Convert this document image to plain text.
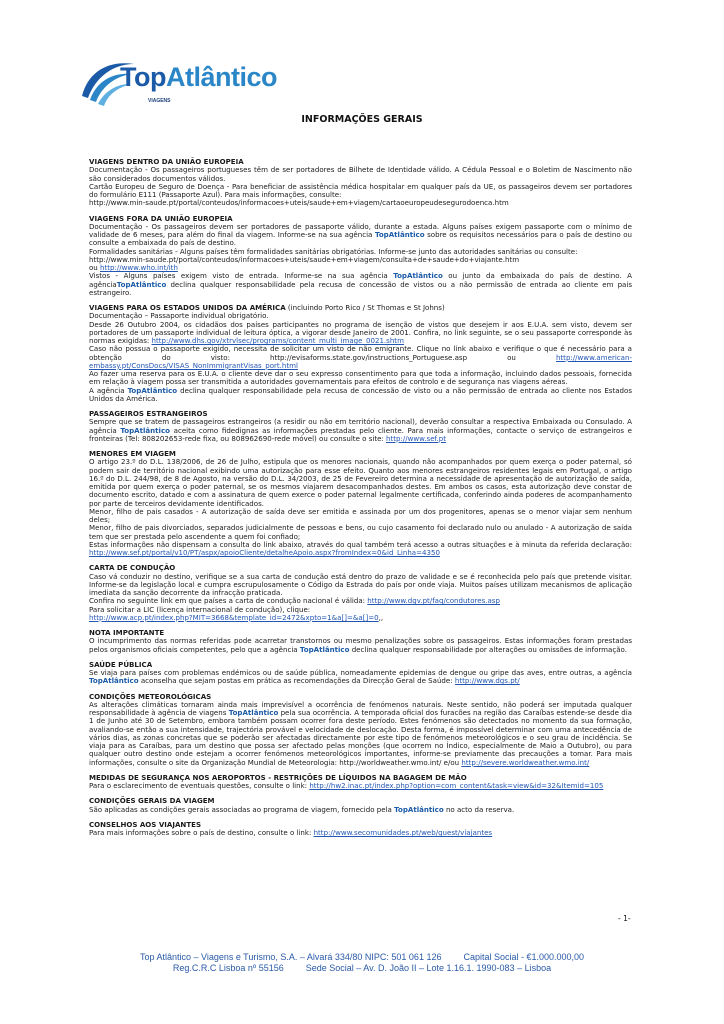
TopAtlântico
VIAGENS
INFORMAÇÕES GERAIS

VIAGENS DENTRO DA UNIÃO EUROPEIA

Documentação - Os passageiros portugueses têm de ser portadores de Bilhete de Identidade válido. A Cédula Pessoal e o Boletim de Nascimento não são considerados documentos válidos.

Cartão Europeu de Seguro de Doença - Para beneficiar de assistência médica hospitalar em qualquer país da UE, os passageiros devem ser portadores do formulário E111 (Passaporte Azul). Para mais informações, consulte:

http://www.min-saude.pt/portal/conteudos/informacoes+uteis/saude+em+viagem/cartaoeuropeudesegurodoenca.htm

VIAGENS FORA DA UNIÃO EUROPEIA

Documentação - Os passageiros devem ser portadores de passaporte válido, durante a estada. Alguns países exigem passaporte com o mínimo de validade de 6 meses, para além do final da viagem. Informe-se na sua agência TopAtlântico sobre os requisitos necessários para o país de destino ou consulte a embaixada do país de destino.

Formalidades sanitárias - Alguns países têm formalidades sanitárias obrigatórias. Informe-se junto das autoridades sanitárias ou consulte:

http://www.min-saude.pt/portal/conteudos/informacoes+uteis/saude+em+viagem/consulta+de+saude+do+viajante.htm

ou http://www.who.int/ith

Vistos - Alguns países exigem visto de entrada. Informe-se na sua agência TopAtlântico ou junto da embaixada do país de destino. A agênciaTopAtlântico declina qualquer responsabilidade pela recusa de concessão de vistos ou a não permissão de entrada ao cliente em país estrangeiro.

VIAGENS PARA OS ESTADOS UNIDOS DA AMÉRICA (incluindo Porto Rico / St Thomas e St Johns)

Documentação – Passaporte individual obrigatório.

Desde 26 Outubro 2004, os cidadãos dos países participantes no programa de isenção de vistos que desejem ir aos E.U.A. sem visto, devem ser portadores de um passaporte individual de leitura óptica, a vigorar desde Janeiro de 2001. Confira, no link seguinte, se o seu passaporte corresponde às normas exigidas: http://www.dhs.gov/xtrvlsec/programs/content_multi_image_0021.shtm

Caso não possua o passaporte exigido, necessita de solicitar um visto de não emigrante. Clique no link abaixo e verifique o que é necessário para a obtenção do visto: http://evisaforms.state.gov/instructions_Portuguese.asp ou http://www.american-embassy.pt/ConsDocs/VISAS_NonImmigrantVisas_port.html

Ao fazer uma reserva para os E.U.A. o cliente deve dar o seu expresso consentimento para que toda a informação, incluindo dados pessoais, fornecida em relação à viagem possa ser transmitida a autoridades governamentais para efeitos de controlo e de segurança nas viagens aéreas.

A agência TopAtlântico declina qualquer responsabilidade pela recusa de concessão de visto ou a não permissão de entrada ao cliente nos Estados Unidos da América.

PASSAGEIROS ESTRANGEIROS

Sempre que se tratem de passageiros estrangeiros (a residir ou não em território nacional), deverão consultar a respectiva Embaixada ou Consulado. A agência TopAtlântico aceita como fidedignas as informações prestadas pelo cliente. Para mais informações, contacte o serviço de estrangeiros e fronteiras (Tel: 808202653-rede fixa, ou 808962690-rede móvel) ou consulte o site: http://www.sef.pt

MENORES EM VIAGEM

O artigo 23.º do D.L. 138/2006, de 26 de Julho, estipula que os menores nacionais, quando não acompanhados por quem exerça o poder paternal, só podem sair de território nacional exibindo uma autorização para esse efeito. Quanto aos menores estrangeiros residentes legais em Portugal, o artigo 16.º do D.L. 244/98, de 8 de Agosto, na versão do D.L. 34/2003, de 25 de Fevereiro determina a necessidade de apresentação de autorização de saída, emitida por quem exerça o poder paternal, se os mesmos viajarem desacompanhados destes. Em ambos os casos, esta autorização deve constar de documento escrito, datado e com a assinatura de quem exerce o poder paternal legalmente certificada, conferindo ainda poderes de acompanhamento por parte de terceiros devidamente identificados.

Menor, filho de pais casados - A autorização de saída deve ser emitida e assinada por um dos progenitores, apenas se o menor viajar sem nenhum deles;

Menor, filho de pais divorciados, separados judicialmente de pessoas e bens, ou cujo casamento foi declarado nulo ou anulado - A autorização de saída tem que ser prestada pelo ascendente a quem foi confiado;

Estas informações não dispensam a consulta do link abaixo, através do qual também terá acesso a outras situações e à minuta da referida declaração: http://www.sef.pt/portal/v10/PT/aspx/apoioCliente/detalheApoio.aspx?fromIndex=0&id_Linha=4350

CARTA DE CONDUÇÃO

Caso vá conduzir no destino, verifique se a sua carta de condução está dentro do prazo de validade e se é reconhecida pelo país que pretende visitar. Informe-se da legislação local e cumpra escrupulosamente o Código da Estrada do país por onde viaja. Muitos países utilizam mecanismos de aplicação imediata da sanção decorrente da infracção praticada.

Confira no seguinte link em que países a carta de condução nacional é válida: http://www.dgv.pt/faq/condutores.asp

Para solicitar a LIC (licença internacional de condução), clique:

http://www.acp.pt/index.php?MIT=3668&template_id=2472&xpto=1&a[]=&a[]=0,,

NOTA IMPORTANTE

O incumprimento das normas referidas pode acarretar transtornos ou mesmo penalizações sobre os passageiros. Estas informações foram prestadas pelos organismos oficiais competentes, pelo que a agência TopAtlântico declina qualquer responsabilidade por alterações ou omissões de informação.

SAÚDE PÚBLICA

Se viaja para países com problemas endémicos ou de saúde pública, nomeadamente epidemias de dengue ou gripe das aves, entre outras, a agência TopAtlântico aconselha que sejam postas em prática as recomendações da Direcção Geral de Saúde: http://www.dgs.pt/

CONDIÇÕES METEOROLÓGICAS

As alterações climáticas tornaram ainda mais imprevisível a ocorrência de fenómenos naturais. Neste sentido, não poderá ser imputada qualquer responsabilidade à agência de viagens TopAtlântico pela sua ocorrência. A temporada oficial dos furacões na região das Caraíbas estende-se desde dia 1 de Junho até 30 de Setembro, embora também possam ocorrer fora deste período. Estes fenómenos são detectados no momento da sua formação, avaliando-se então a sua intensidade, trajectória provável e velocidade de deslocação. Desta forma, é impossível determinar com uma antecedência de vários dias, as zonas concretas que se poderão ser afectadas directamente por este tipo de fenómenos meteorológicos e o seu grau de incidência. Se viaja para as Caraíbas, para um destino que possa ser afectado pelas monções (que ocorrem no Índico, especialmente de Maio a Outubro), ou para qualquer outro destino onde estejam a ocorrer fenómenos meteorológicos importantes, informe-se previamente das precauções a tomar. Para mais informações, consulte o site da Organização Mundial de Meteorologia: http://worldweather.wmo.int/ e/ou http://severe.worldweather.wmo.int/

MEDIDAS DE SEGURANÇA NOS AEROPORTOS - RESTRIÇÕES DE LÍQUIDOS NA BAGAGEM DE MÃO

Para o esclarecimento de eventuais questões, consulte o link: http://hw2.inac.pt/index.php?option=com_content&task=view&id=32&Itemid=105

CONDIÇÕES GERAIS DA VIAGEM

São aplicadas as condições gerais associadas ao programa de viagem, fornecido pela TopAtlântico no acto da reserva.

CONSELHOS AOS VIAJANTES

Para mais informações sobre o país de destino, consulte o link: http://www.secomunidades.pt/web/guest/viajantes

- 1-
Top Atlântico – Viagens e Turismo, S.A. – Alvará 334/80 NIPC: 501 061 126 Capital Social - €1.000.000,00
Reg.C.R.C Lisboa nº 55156 Sede Social – Av. D. João II – Lote 1.16.1. 1990-083 – Lisboa
